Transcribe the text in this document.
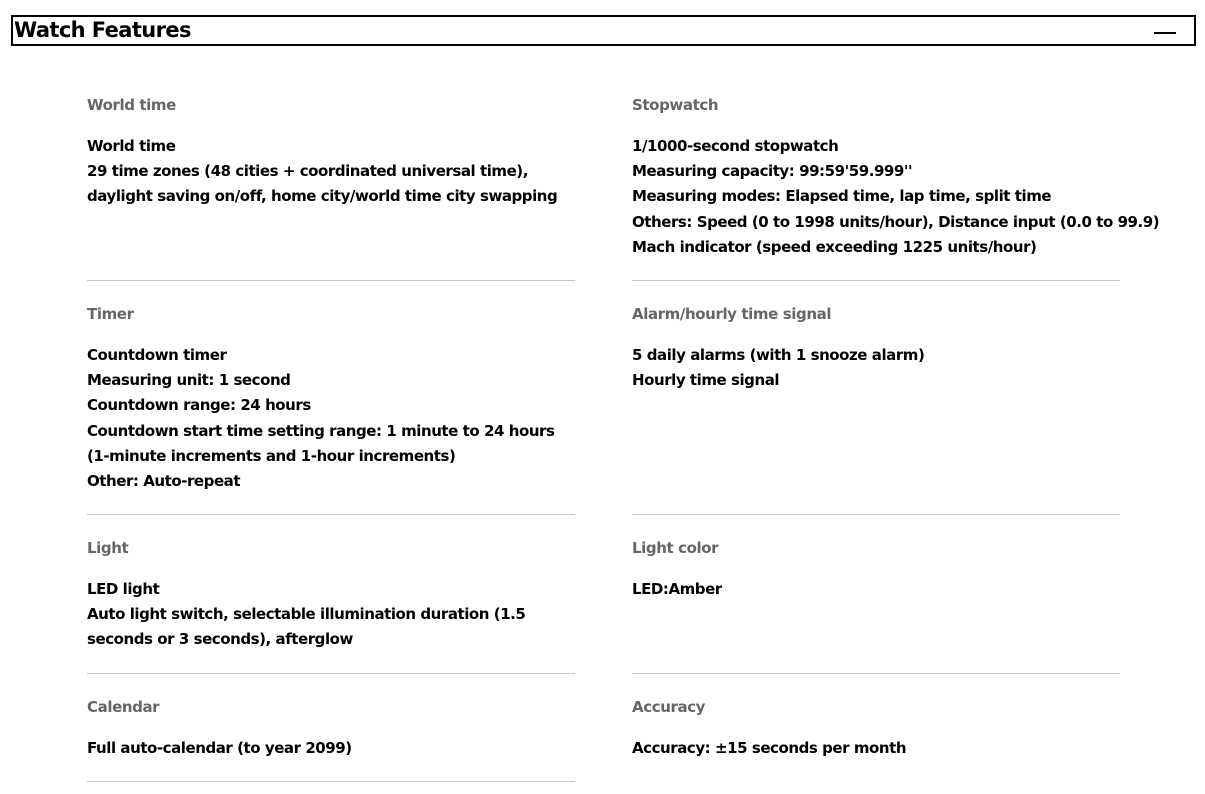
Watch Features
World time
World time
29 time zones (48 cities + coordinated universal time), daylight saving on/off, home city/world time city swapping
Stopwatch
1/1000-second stopwatch
Measuring capacity: 99:59'59.999''
Measuring modes: Elapsed time, lap time, split time
Others: Speed (0 to 1998 units/hour), Distance input (0.0 to 99.9)
Mach indicator (speed exceeding 1225 units/hour)
Timer
Countdown timer
Measuring unit: 1 second
Countdown range: 24 hours
Countdown start time setting range: 1 minute to 24 hours (1-minute increments and 1-hour increments)
Other: Auto-repeat
Alarm/hourly time signal
5 daily alarms (with 1 snooze alarm)
Hourly time signal
Light
LED light
Auto light switch, selectable illumination duration (1.5 seconds or 3 seconds), afterglow
Light color
LED:Amber
Calendar
Full auto-calendar (to year 2099)
Accuracy
Accuracy: ±15 seconds per month
